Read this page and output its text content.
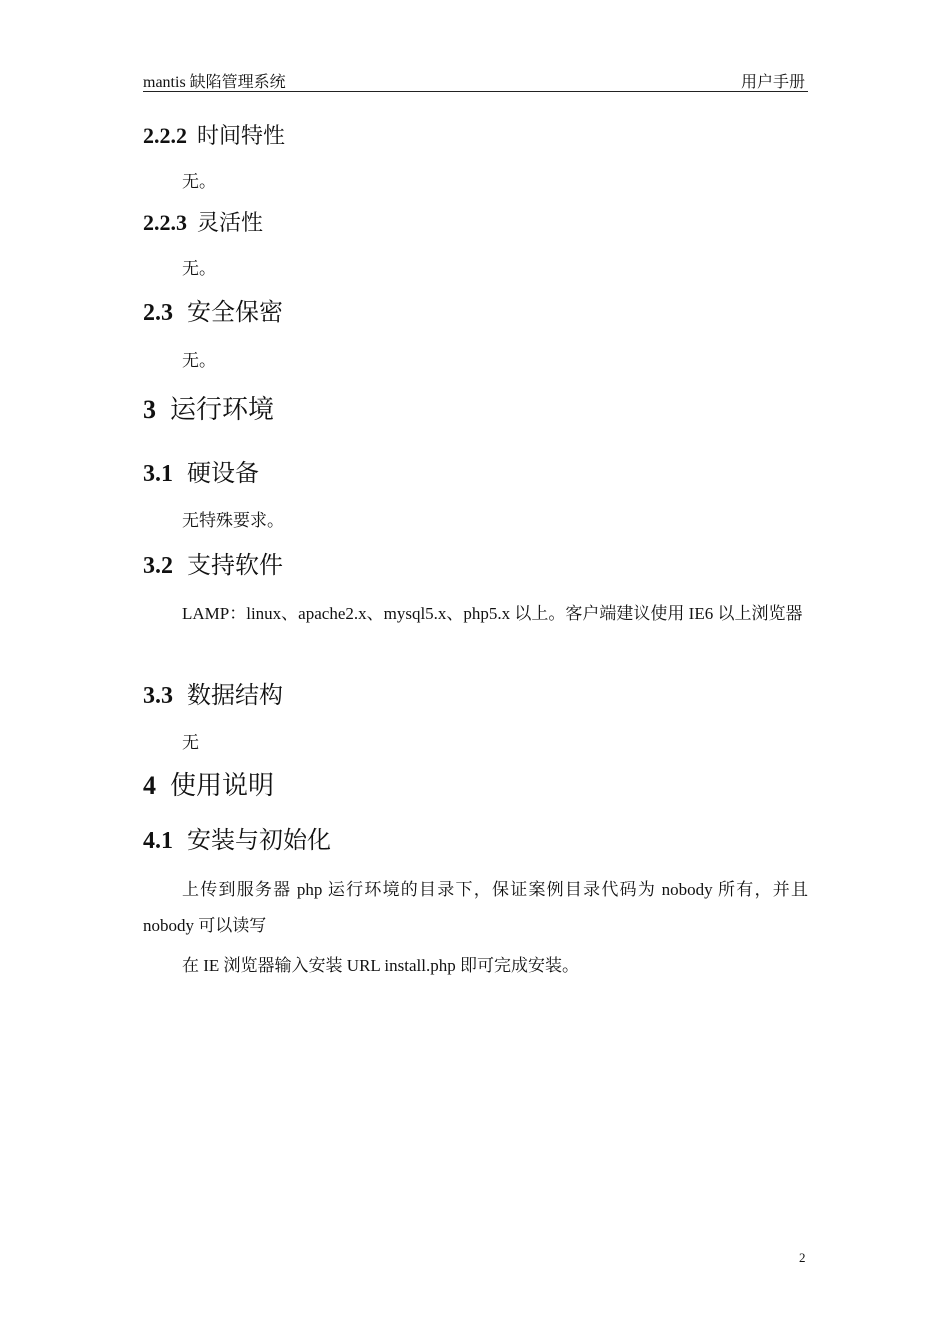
mantis 缺陷管理系统	用户手册
2.2.2 时间特性

无。

2.2.3 灵活性

无。

2.3 安全保密

无。

3 运行环境
3.1 硬设备

无特殊要求。

3.2 支持软件

LAMP：linux、apache2.x、mysql5.x、php5.x 以上。客户端建议使用 IE6 以上浏览器

3.3 数据结构

无

4 使用说明
4.1 安装与初始化

上传到服务器 php 运行环境的目录下，保证案例目录代码为 nobody 所有，并且 nobody 可以读写

在 IE 浏览器输入安装 URL install.php 即可完成安装。

2
